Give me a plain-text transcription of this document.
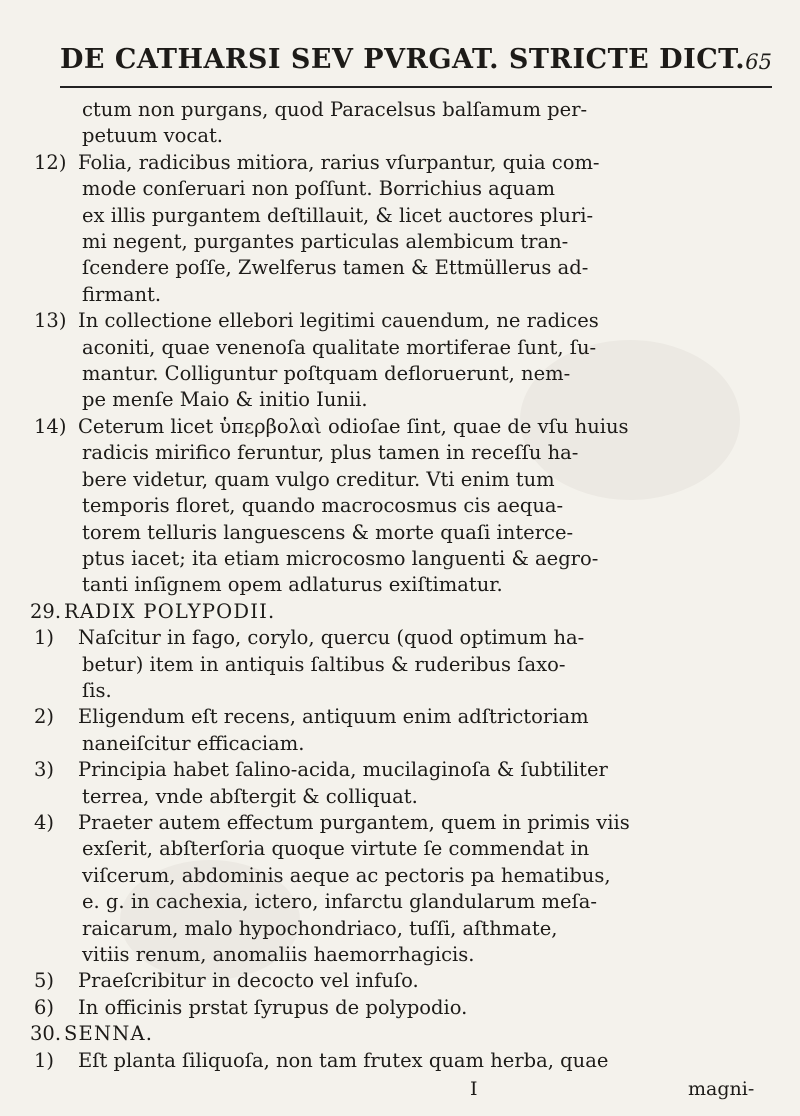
DE CATHARSI SEV PVRGAT. STRICTE DICT. 65
ctum non purgans, quod Paracelsus balſamum per-
petuum vocat.
12) Folia, radicibus mitiora, rarius vſurpantur, quia com-
mode conſeruari non poſſunt. Borrichius aquam
ex illis purgantem deſtillauit, & licet auctores pluri-
mi negent, purgantes particulas alembicum tran-
ſcendere poſſe, Zwelferus tamen & Ettmüllerus ad-
firmant.
13) In collectione ellebori legitimi cauendum, ne radices
aconiti, quae venenoſa qualitate mortiferae ſunt, ſu-
mantur. Colliguntur poſtquam defloruerunt, nem-
pe menſe Maio & initio Iunii.
14) Ceterum licet ὑπερβολαὶ odioſae ſint, quae de vſu huius
radicis mirifico feruntur, plus tamen in receſſu ha-
bere videtur, quam vulgo creditur. Vti enim tum
temporis floret, quando macrocosmus cis aequa-
torem telluris languescens & morte quaſi interce-
ptus iacet; ita etiam microcosmo languenti & aegro-
tanti inſignem opem adlaturus exiſtimatur.
29. RADIX POLYPODII.
1) Naſcitur in fago, corylo, quercu (quod optimum ha-
betur) item in antiquis ſaltibus & ruderibus ſaxo-
ſis.
2) Eligendum eſt recens, antiquum enim adſtrictoriam
naneiſcitur efficaciam.
3) Principia habet ſalino-acida, mucilaginoſa & ſubtiliter
terrea, vnde abſtergit & colliquat.
4) Praeter autem effectum purgantem, quem in primis viis
exſerit, abſterſoria quoque virtute ſe commendat in
viſcerum, abdominis aeque ac pectoris pa hematibus,
e. g. in cachexia, ictero, infarctu glandularum meſa-
raicarum, malo hypochondriaco, tuſſi, aſthmate,
vitiis renum, anomaliis haemorrhagicis.
5) Praeſcribitur in decocto vel infuſo.
6) In officinis prstat ſyrupus de polypodio.
30. SENNA.
1) Eſt planta ſiliquoſa, non tam frutex quam herba, quae
I	magni-
